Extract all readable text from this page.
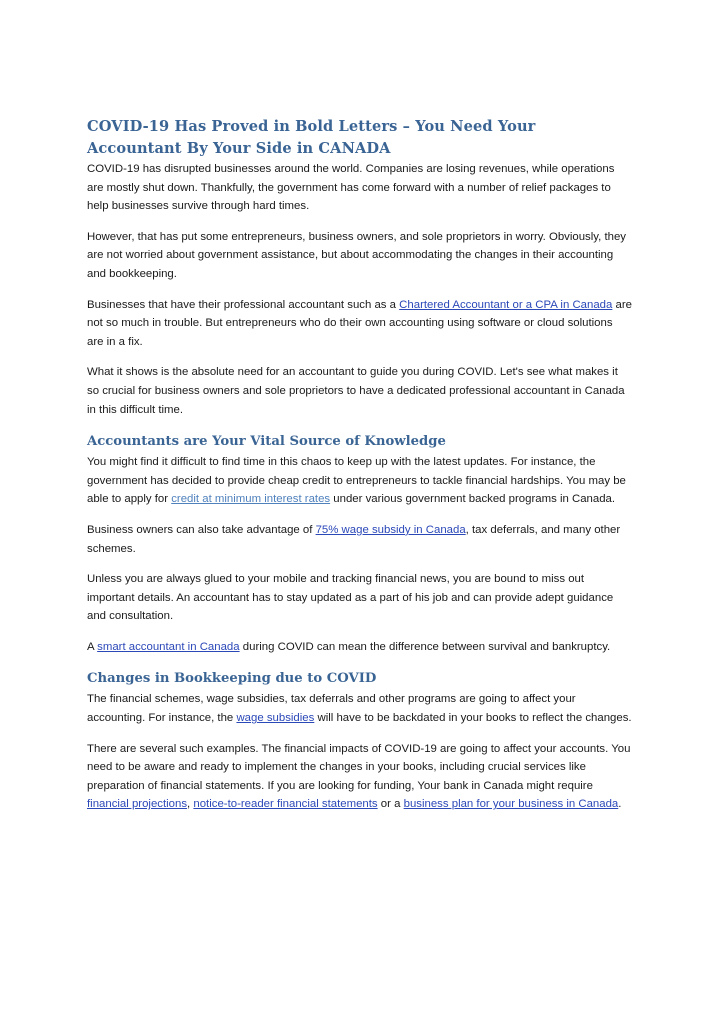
COVID-19 Has Proved in Bold Letters – You Need Your Accountant By Your Side in CANADA

COVID-19 has disrupted businesses around the world. Companies are losing revenues, while operations are mostly shut down. Thankfully, the government has come forward with a number of relief packages to help businesses survive through hard times.

However, that has put some entrepreneurs, business owners, and sole proprietors in worry. Obviously, they are not worried about government assistance, but about accommodating the changes in their accounting and bookkeeping.

Businesses that have their professional accountant such as a Chartered Accountant or a CPA in Canada are not so much in trouble. But entrepreneurs who do their own accounting using software or cloud solutions are in a fix.

What it shows is the absolute need for an accountant to guide you during COVID. Let's see what makes it so crucial for business owners and sole proprietors to have a dedicated professional accountant in Canada in this difficult time.

Accountants are Your Vital Source of Knowledge

You might find it difficult to find time in this chaos to keep up with the latest updates. For instance, the government has decided to provide cheap credit to entrepreneurs to tackle financial hardships. You may be able to apply for credit at minimum interest rates under various government backed programs in Canada.

Business owners can also take advantage of 75% wage subsidy in Canada, tax deferrals, and many other schemes.

Unless you are always glued to your mobile and tracking financial news, you are bound to miss out important details. An accountant has to stay updated as a part of his job and can provide adept guidance and consultation.

A smart accountant in Canada during COVID can mean the difference between survival and bankruptcy.

Changes in Bookkeeping due to COVID

The financial schemes, wage subsidies, tax deferrals and other programs are going to affect your accounting. For instance, the wage subsidies will have to be backdated in your books to reflect the changes.

There are several such examples. The financial impacts of COVID-19 are going to affect your accounts. You need to be aware and ready to implement the changes in your books, including crucial services like preparation of financial statements. If you are looking for funding, Your bank in Canada might require financial projections, notice-to-reader financial statements or a business plan for your business in Canada.
